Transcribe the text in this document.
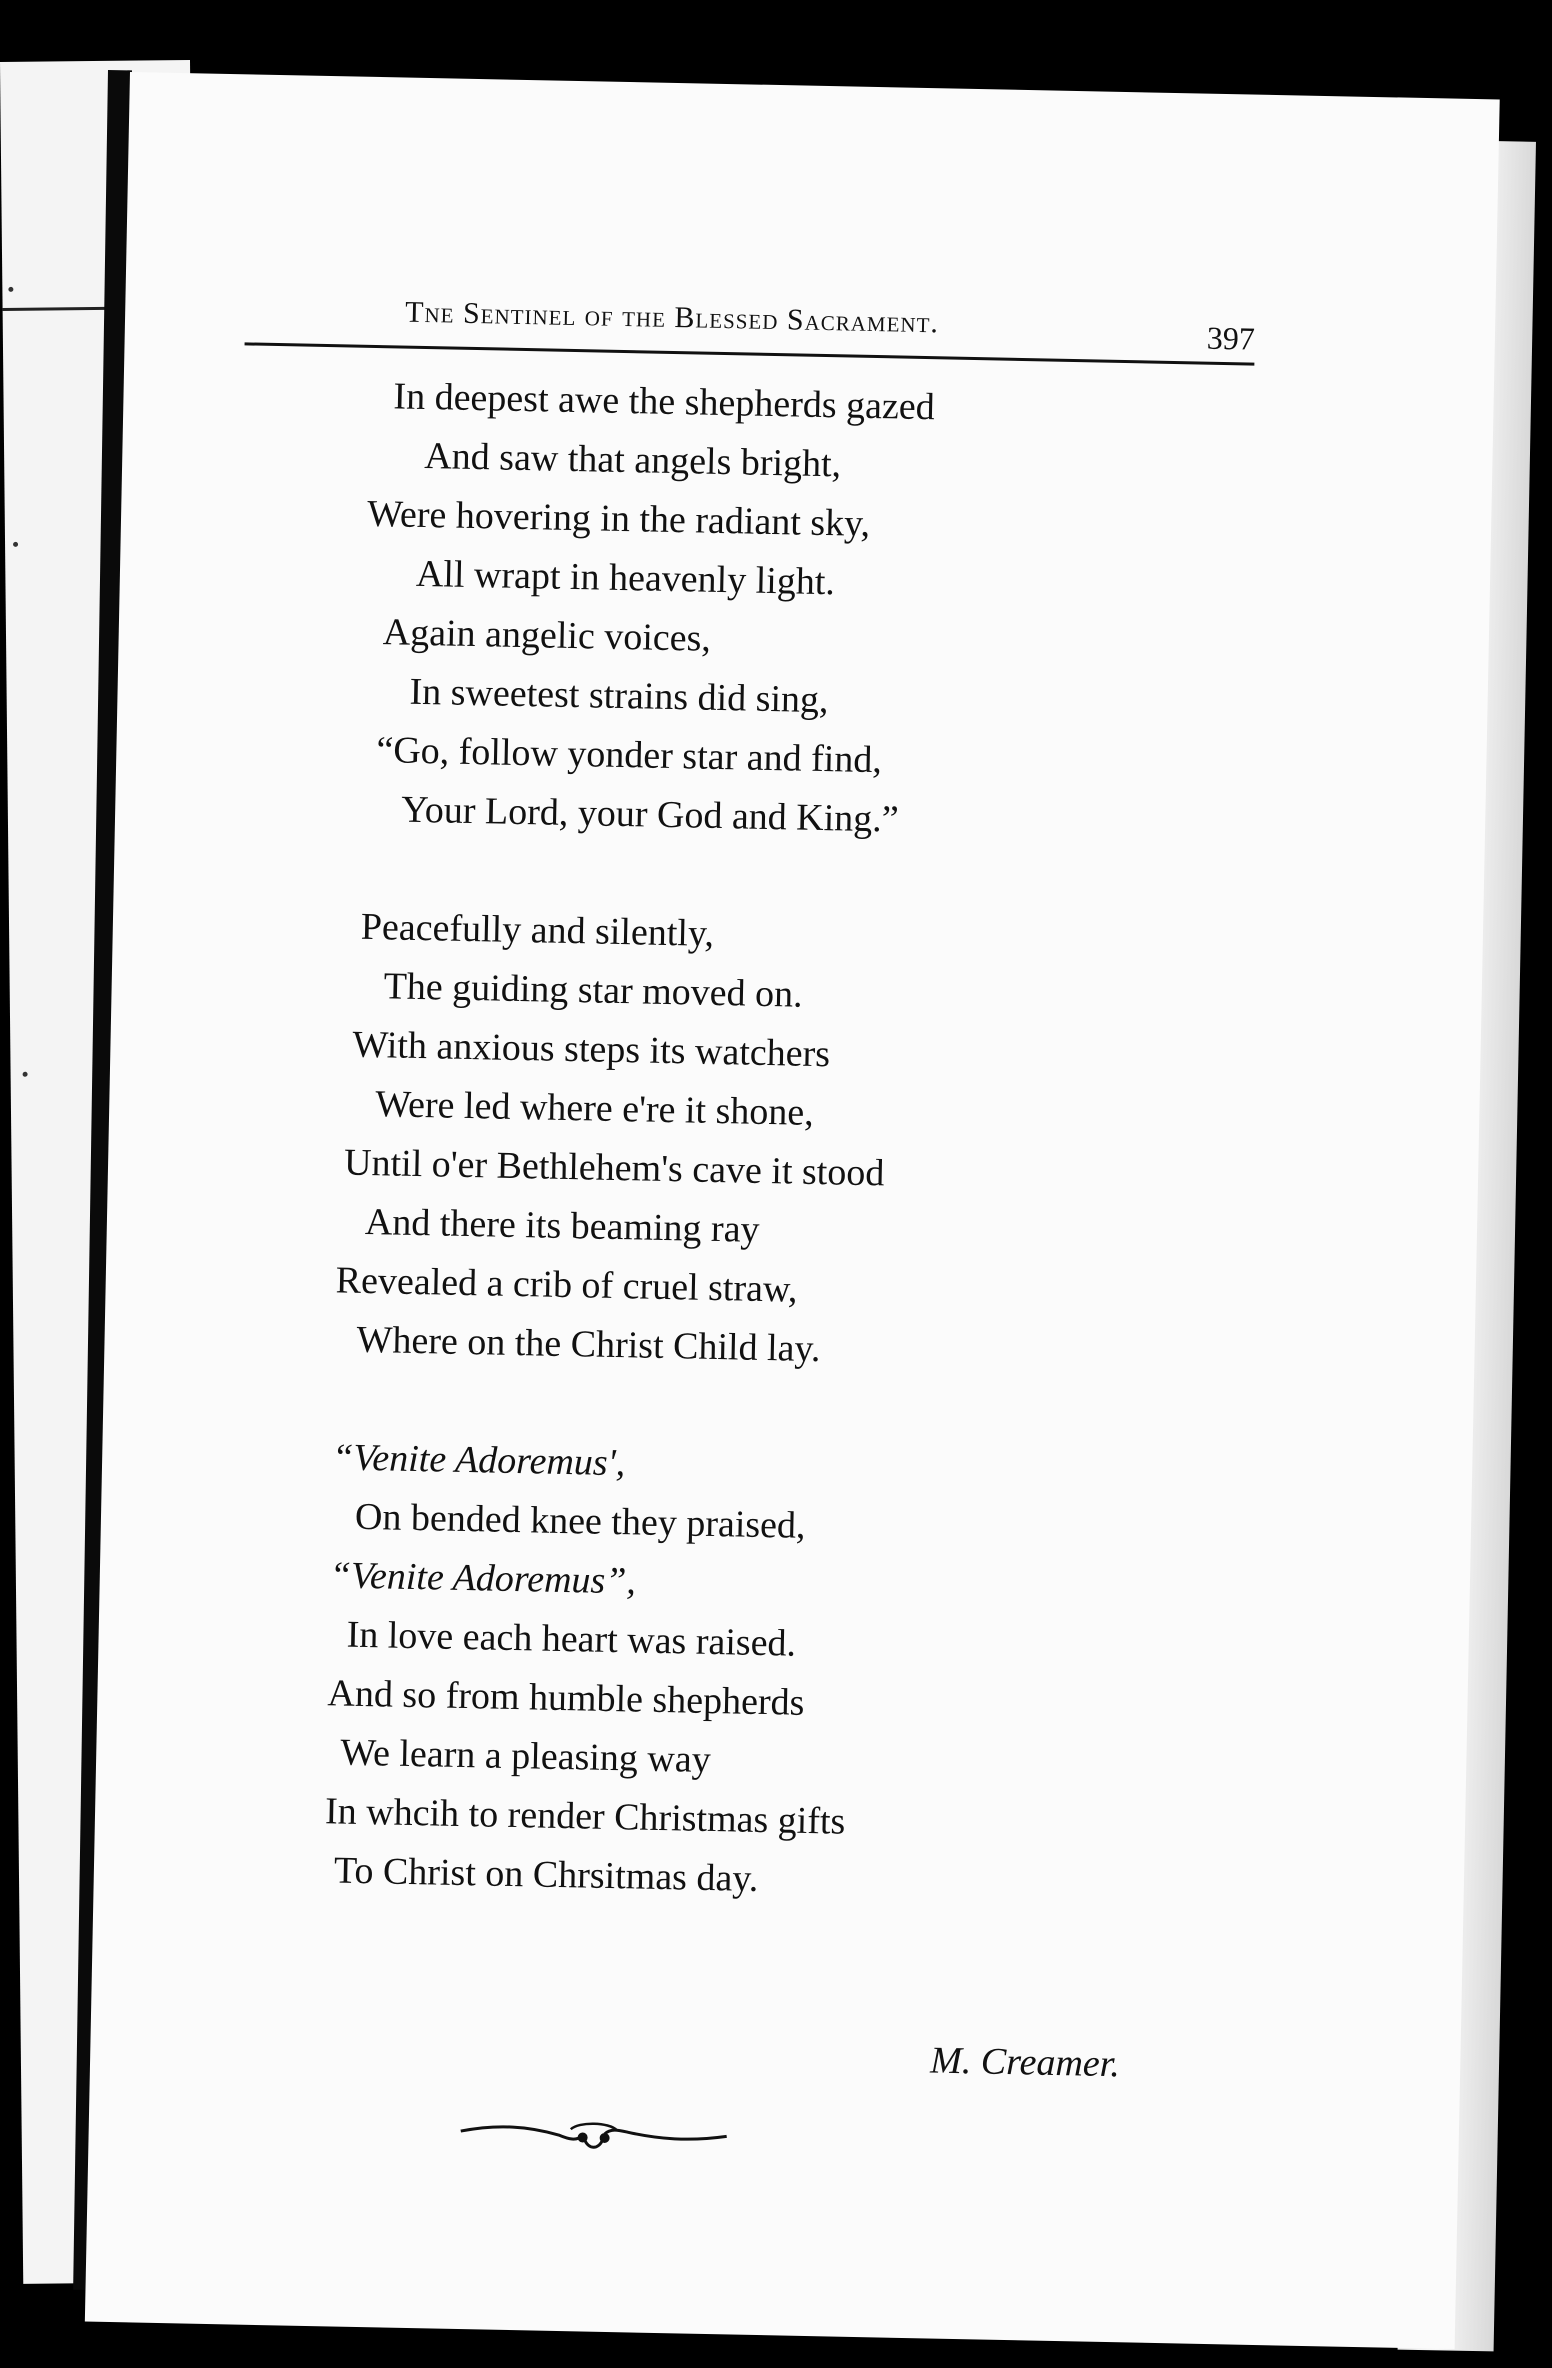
Tne Sentinel of the Blessed Sacrament.	397
In deepest awe the shepherds gazed
And saw that angels bright,
Were hovering in the radiant sky,
All wrapt in heavenly light.
Again angelic voices,
In sweetest strains did sing,
“Go, follow yonder star and find,
Your Lord, your God and King.”
Peacefully and silently,
The guiding star moved on.
With anxious steps its watchers
Were led where e're it shone,
Until o'er Bethlehem's cave it stood
And there its beaming ray
Revealed a crib of cruel straw,
Where on the Christ Child lay.
“Venite Adoremus',
On bended knee they praised,
“Venite Adoremus”,
In love each heart was raised.
And so from humble shepherds
We learn a pleasing way
In whcih to render Christmas gifts
To Christ on Chrsitmas day.
M. Creamer.
